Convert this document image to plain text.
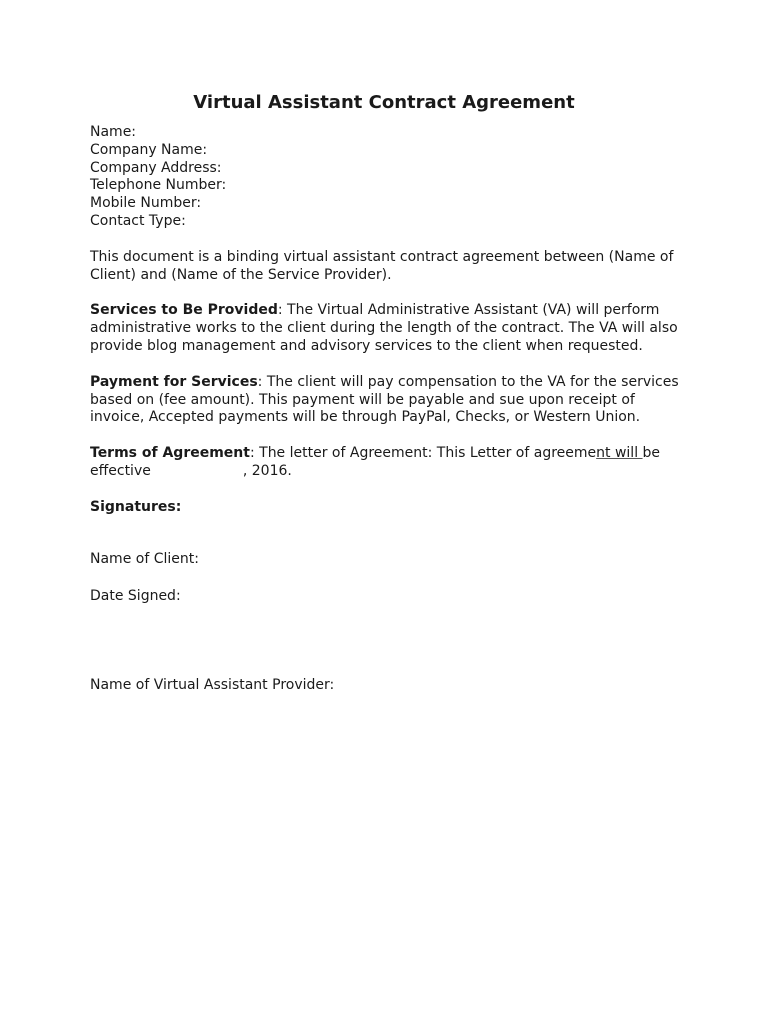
Virtual Assistant Contract Agreement
Name:
Company Name:
Company Address:
Telephone Number:
Mobile Number:
Contact Type:
This document is a binding virtual assistant contract agreement between (Name of
Client) and (Name of the Service Provider).
Services to Be Provided: The Virtual Administrative Assistant (VA) will perform
administrative works to the client during the length of the contract. The VA will also
provide blog management and advisory services to the client when requested.
Payment for Services: The client will pay compensation to the VA for the services
based on (fee amount). This payment will be payable and sue upon receipt of
invoice, Accepted payments will be through PayPal, Checks, or Western Union.
Terms of Agreement: The letter of Agreement: This Letter of agreement will be
effective	, 2016.
Signatures:
Name of Client:
Date Signed:
Name of Virtual Assistant Provider:
